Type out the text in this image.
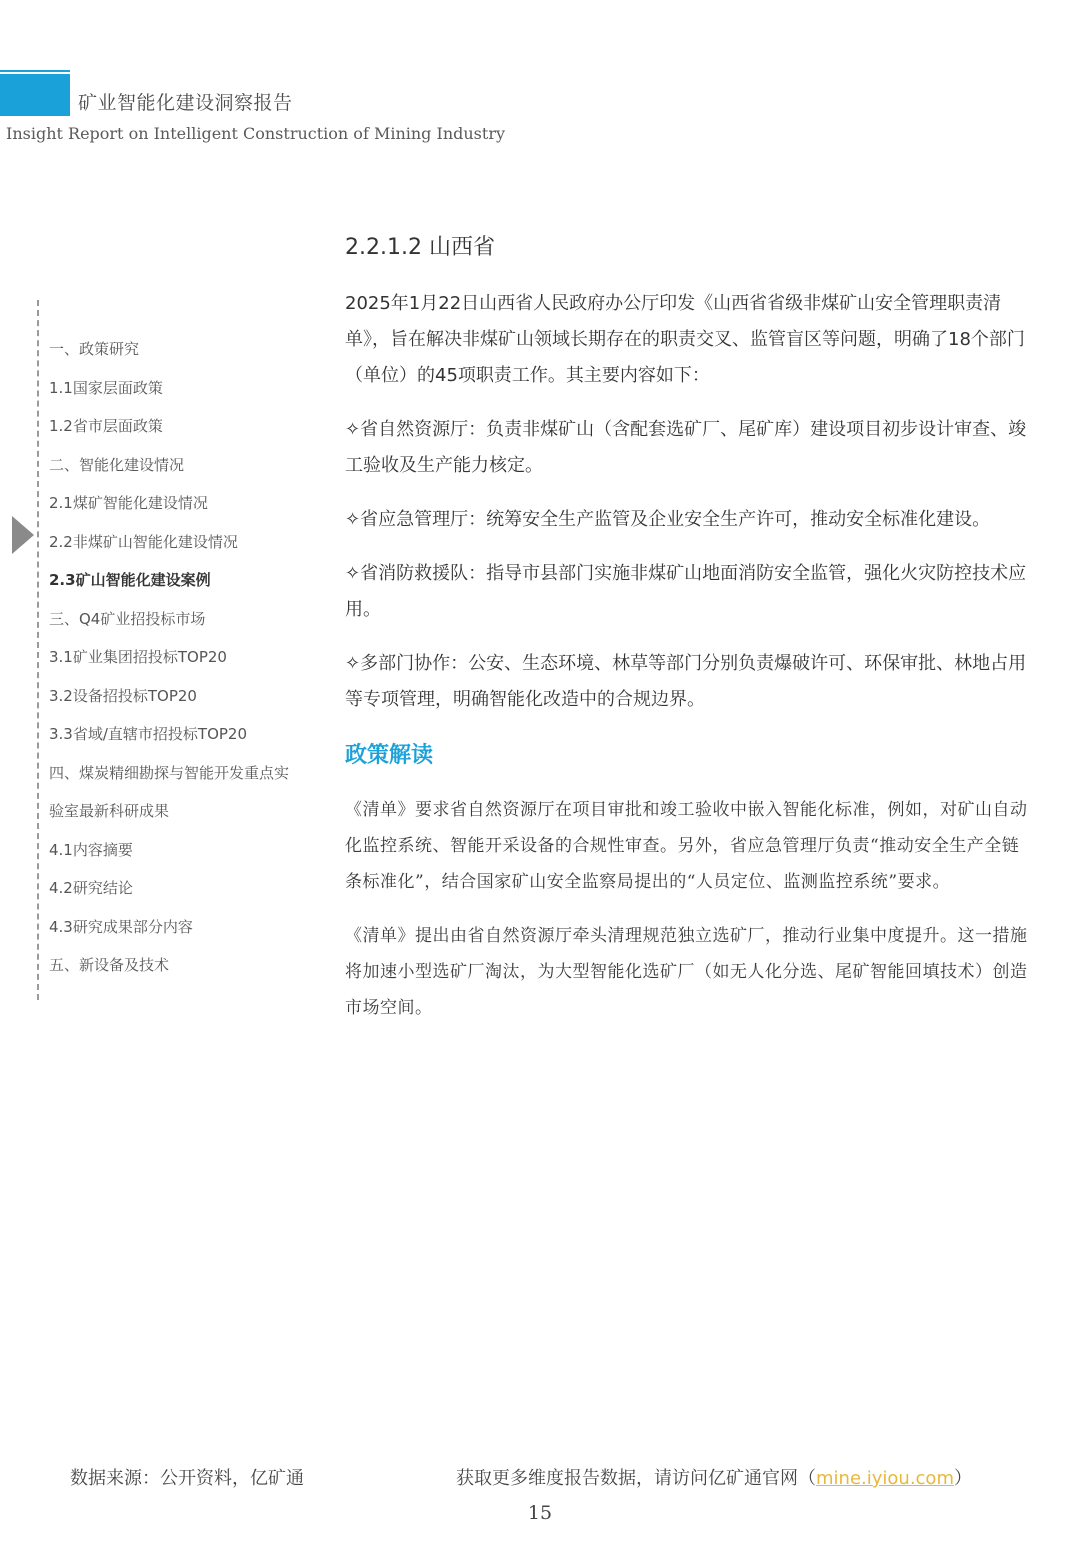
矿业智能化建设洞察报告
Insight Report on Intelligent Construction of Mining Industry
一、政策研究
1.1国家层面政策
1.2省市层面政策
二、智能化建设情况
2.1煤矿智能化建设情况
2.2非煤矿山智能化建设情况
2.3矿山智能化建设案例
三、Q4矿业招投标市场
3.1矿业集团招投标TOP20
3.2设备招投标TOP20
3.3省域/直辖市招投标TOP20
四、煤炭精细勘探与智能开发重点实
验室最新科研成果
4.1内容摘要
4.2研究结论
4.3研究成果部分内容
五、新设备及技术
2.2.1.2 山西省

2025年1月22日山西省人民政府办公厅印发《山西省省级非煤矿山安全管理职责清单》，旨在解决非煤矿山领域长期存在的职责交叉、监管盲区等问题，明确了18个部门（单位）的45项职责工作。其主要内容如下：

✧省自然资源厅：负责非煤矿山（含配套选矿厂、尾矿库）建设项目初步设计审查、竣工验收及生产能力核定。

✧省应急管理厅：统筹安全生产监管及企业安全生产许可，推动安全标准化建设。

✧省消防救援队：指导市县部门实施非煤矿山地面消防安全监管，强化火灾防控技术应用。

✧多部门协作：公安、生态环境、林草等部门分别负责爆破许可、环保审批、林地占用等专项管理，明确智能化改造中的合规边界。

政策解读

《清单》要求省自然资源厅在项目审批和竣工验收中嵌入智能化标准，例如，对矿山自动化监控系统、智能开采设备的合规性审查。另外，省应急管理厅负责“推动安全生产全链条标准化”，结合国家矿山安全监察局提出的“人员定位、监测监控系统”要求。

《清单》提出由省自然资源厅牵头清理规范独立选矿厂，推动行业集中度提升。这一措施将加速小型选矿厂淘汰，为大型智能化选矿厂（如无人化分选、尾矿智能回填技术）创造市场空间。

数据来源：公开资料，亿矿通	获取更多维度报告数据，请访问亿矿通官网（mine.iyiou.com）
15
